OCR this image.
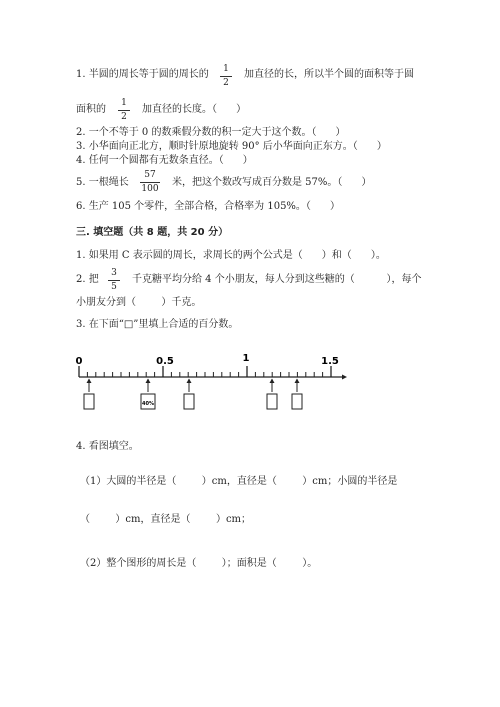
1. 半圆的周长等于圆的周长的	1
2
加直径的长，所以半个圆的面积等于圆
面积的
1
2
加直径的长度。（      ）
2. 一个不等于 0 的数乘假分数的积一定大于这个数。（      ）
3. 小华面向正北方，顺时针原地旋转 90° 后小华面向正东方。（      ）
4. 任何一个圆都有无数条直径。（      ）
5. 一根绳长
57
100
米，把这个数改写成百分数是 57%。（      ）
6. 生产 105 个零件，全部合格，合格率为 105%。（      ）
三. 填空题（共 8 题，共 20 分）
1. 如果用 C 表示圆的周长，求周长的两个公式是（      ）和（      ）。
2. 把
3
5
千克糖平均分给 4 个小朋友，每人分到这些糖的（          ），每个
小朋友分到（        ）千克。
3. 在下面“□”里填上合适的百分数。
0	0.5	1	1.5
40%
4. 看图填空。
（1）大圆的半径是（        ）cm，直径是（        ）cm；小圆的半径是
（        ）cm，直径是（        ）cm；
（2）整个图形的周长是（        ）；面积是（        ）。
